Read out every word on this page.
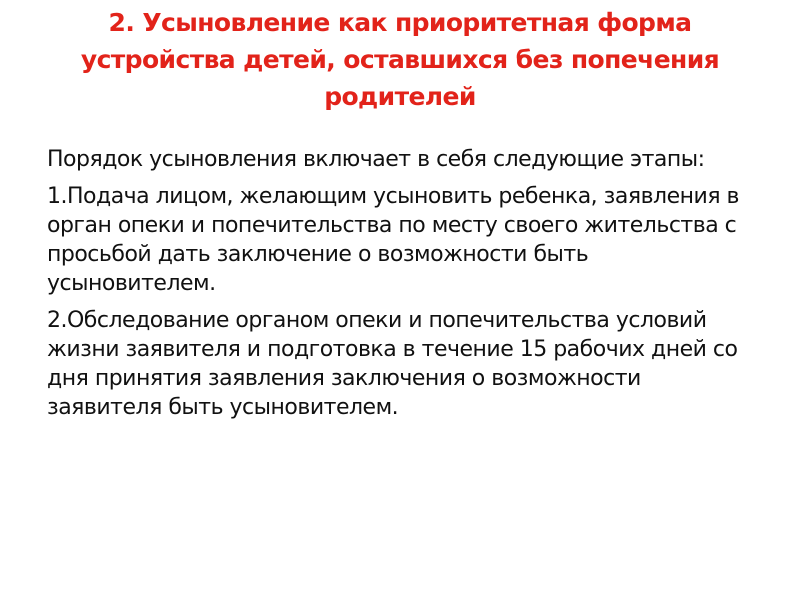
2. Усыновление как приоритетная форма устройства детей, оставшихся без попечения родителей

Порядок усыновления включает в себя следующие этапы:

1.Подача лицом, желающим усыновить ребенка, заявления в орган опеки и попечительства по месту своего жительства с просьбой дать заключение о возможности быть усыновителем.

2.Обследование органом опеки и попечительства условий жизни заявителя и подготовка в течение 15 рабочих дней со дня принятия заявления заключения о возможности заявителя быть усыновителем.
